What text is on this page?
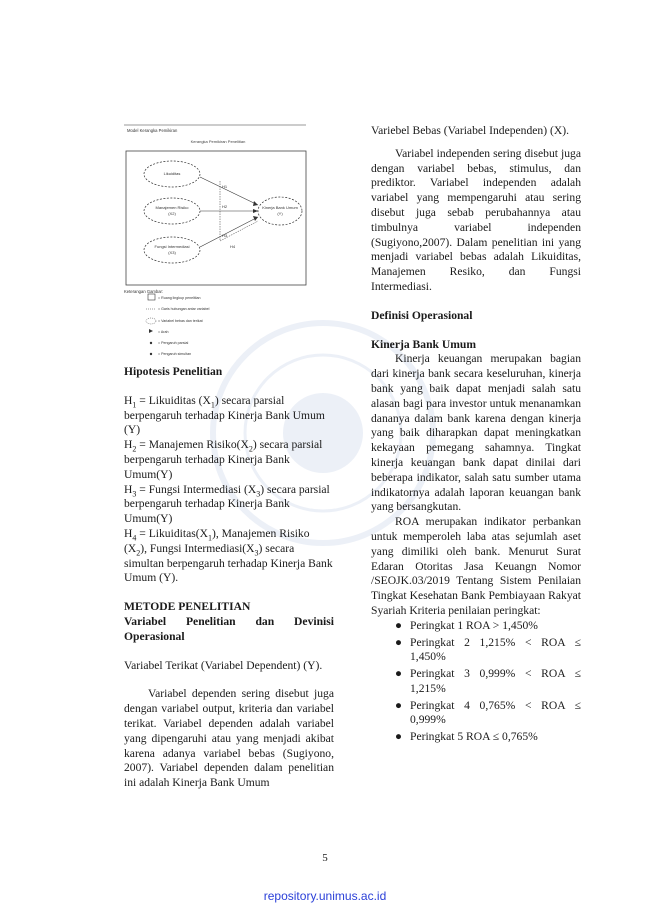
Model Kerangka Pemikiran
Kerangka Pemikiran Penelitian
Likuiditas
Manajemen Risiko
(X2)
Fungsi Intermediasi
(X3)
Kinerja Bank Umum
(Y)
H1
H2
H3
H4
Keterangan Gambar:
= Ruang lingkup penelitian
= Garis hubungan antar variabel
= Variabel bebas dan terikat
= Arah
= Pengaruh parsial
= Pengaruh simultan

Hipotesis Penelitian

$H_1$ = Likuiditas $(X_1)$ secara parsial berpengaruh terhadap Kinerja Bank Umum (Y)

$H_2$ = Manajemen $Risiko(X_2)$ secara parsial berpengaruh terhadap Kinerja Bank Umum(Y)

$H_3$ = Fungsi Intermediasi $(X_3)$ secara parsial berpengaruh terhadap Kinerja Bank Umum(Y)

$H_4$ = $Likuiditas(X_1)$, Manajemen Risiko $(X_2)$, Fungsi $Intermediasi(X_3)$ secara simultan berpengaruh terhadap Kinerja Bank Umum (Y).

METODE PENELITIAN

Variabel Penelitian dan Devinisi Operasional

Variabel Terikat (Variabel Dependent) (Y).

Variabel dependen sering disebut juga dengan variabel output, kriteria dan variabel terikat. Variabel dependen adalah variabel yang dipengaruhi atau yang menjadi akibat karena adanya variabel bebas (Sugiyono, 2007). Variabel dependen dalam penelitian ini adalah Kinerja Bank Umum

Variebel Bebas (Variabel Independen) (X).

Variabel independen sering disebut juga dengan variabel bebas, stimulus, dan prediktor. Variabel independen adalah variabel yang mempengaruhi atau sering disebut juga sebab perubahannya atau timbulnya variabel independen (Sugiyono,2007). Dalam penelitian ini yang menjadi variabel bebas adalah Likuiditas, Manajemen Resiko, dan Fungsi Intermediasi.

Definisi Operasional

Kinerja Bank Umum

Kinerja keuangan merupakan bagian dari kinerja bank secara keseluruhan, kinerja bank yang baik dapat menjadi salah satu alasan bagi para investor untuk menanamkan dananya dalam bank karena dengan kinerja yang baik diharapkan dapat meningkatkan kekayaan pemegang sahamnya. Tingkat kinerja keuangan bank dapat dinilai dari beberapa indikator, salah satu sumber utama indikatornya adalah laporan keuangan bank yang bersangkutan.

ROA merupakan indikator perbankan untuk memperoleh laba atas sejumlah aset yang dimiliki oleh bank. Menurut Surat Edaran Otoritas Jasa Keuangn Nomor /SEOJK.03/2019 Tentang Sistem Penilaian Tingkat Kesehatan Bank Pembiayaan Rakyat Syariah Kriteria penilaian peringkat:

● Peringkat 1 ROA > 1,450%
● Peringkat 2 1,215% < ROA ≤ 1,450%
● Peringkat 3 0,999% < ROA ≤ 1,215%
● Peringkat 4 0,765% < ROA ≤ 0,999%
● Peringkat 5 ROA ≤ 0,765%
5
repository.unimus.ac.id
